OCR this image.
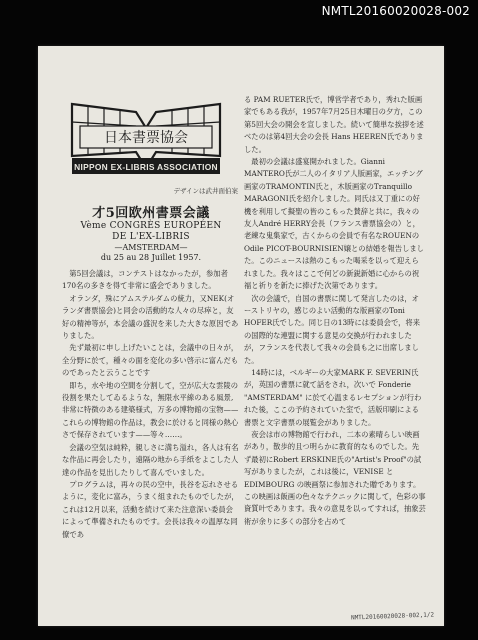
NMTL20160020028-002
日本書票協会
NIPPON EX-LIBRIS ASSOCIATION
デザインは武井面伯案
才5回欧州書票会議
Vème CONGRÈS EUROPÉEN
DE L'EX-LIBRIS
—AMSTERDAM—
du 25 au 28 Juillet 1957.

第5回会議は，コンテストはなかったが，参加者 170名の多きを得て非常に盛会でありました。

オランダ，殊にアムステルダムの統力，又NEK(オランダ書票協会)と同会の活動的な人々の尽瘁と，友好の精神等が，本会議の盛況を来した大きな原因でありました。

先ず最初に申し上げたいことは，会議中の日々が，全分野に於て，種々の面を変化の多い啓示に富んだものであったと云うことです

即ち，水や地の空間を分割して，空が広大な雲陵の役割を果たしてゐるような，無限水平線のある風景,非常に特徴のある建築様式，万多の博物館の宝物——これらの博物館の作品は，教会に於けると同様の熱心さで保存されています——等々……。

会議の空気は純粋，親しさに満ち溢れ，各人は有名な作品に再会したり，遠隔の地から手紙をよこした人達の作品を見出したりして喜んでいました。

プログラムは，再々の民の空中，長谷を忘れさせるように，変化に富み，うまく組まれたものでしたが，これは12月以来，活動を続けて来た注意深い委員会によって準備されたものです。会長は我々の温厚な同僚であ

る PAM RUETER氏で，博営学者であり，秀れた版画家でもある我が，1957年7月25日木曜日の夕方，この第5回大会の開会を宣しました。続いて簡単な挨拶を述べたのは第4回大会の会長 Hans HEEREN氏でありました。

最初の会議は盛宴開かれました。Gianni MANTERO氏が二人のイタリア人版画家，エッチング画家のTRAMONTIN氏と，木版画家のTranquillo MARAGONI氏を紹介しました。同氏は又丁重にの好機を利用して擬聖の皆のこもった賛辞と共に，我々の友人André HERRY会長（フランス書票協会の）と，老練な鬼集家で，古くからの会員で有名なROUENのOdile PICOT-BOURNISIEN嬢との結婚を報告しました。このニュースは熱のこもった喝采を以って迎えられました。我々はここで何どの新鋭新婚に心からの祝福と祈りを新たに捧げた次第であります。

次の会議で，自国の書票に関して発言したのは，オーストリヤの，感じのよい活動的な版画家のToni HOFER氏でした。同じ日の13時には委員会で，将来の国際的な連盟に関する意見の交換が行われましたが，フランスを代表して我々の会員も之に出席しました。

14時には，ベルギーの大家MARK F. SEVERIN氏が，英国の書票に就て話をされ，次いで Fonderie "AMSTERDAM" に於て心温まるレセプションが行われた後，ここの予約されていた室で，活版印刷による書票と文字書票の展覧会がありました。

夜会は市の博物館で行われ，二本の素晴らしい映画があり，散歩的且つ明らかに教育的なものでした。先ず最初にRobert ERSKINE氏の"Artist's Proof"の試写がありましたが，これは後に，VENISE とEDIMBOURG の映画祭に参加された贈であります。この映画は飯画の色々なテクニックに関して，色彩の事資質叶であります。我々の意見を以ってすれば，抽象芸術が余りに多くの部分を占めて

NMTL20160020028-002,1/2
